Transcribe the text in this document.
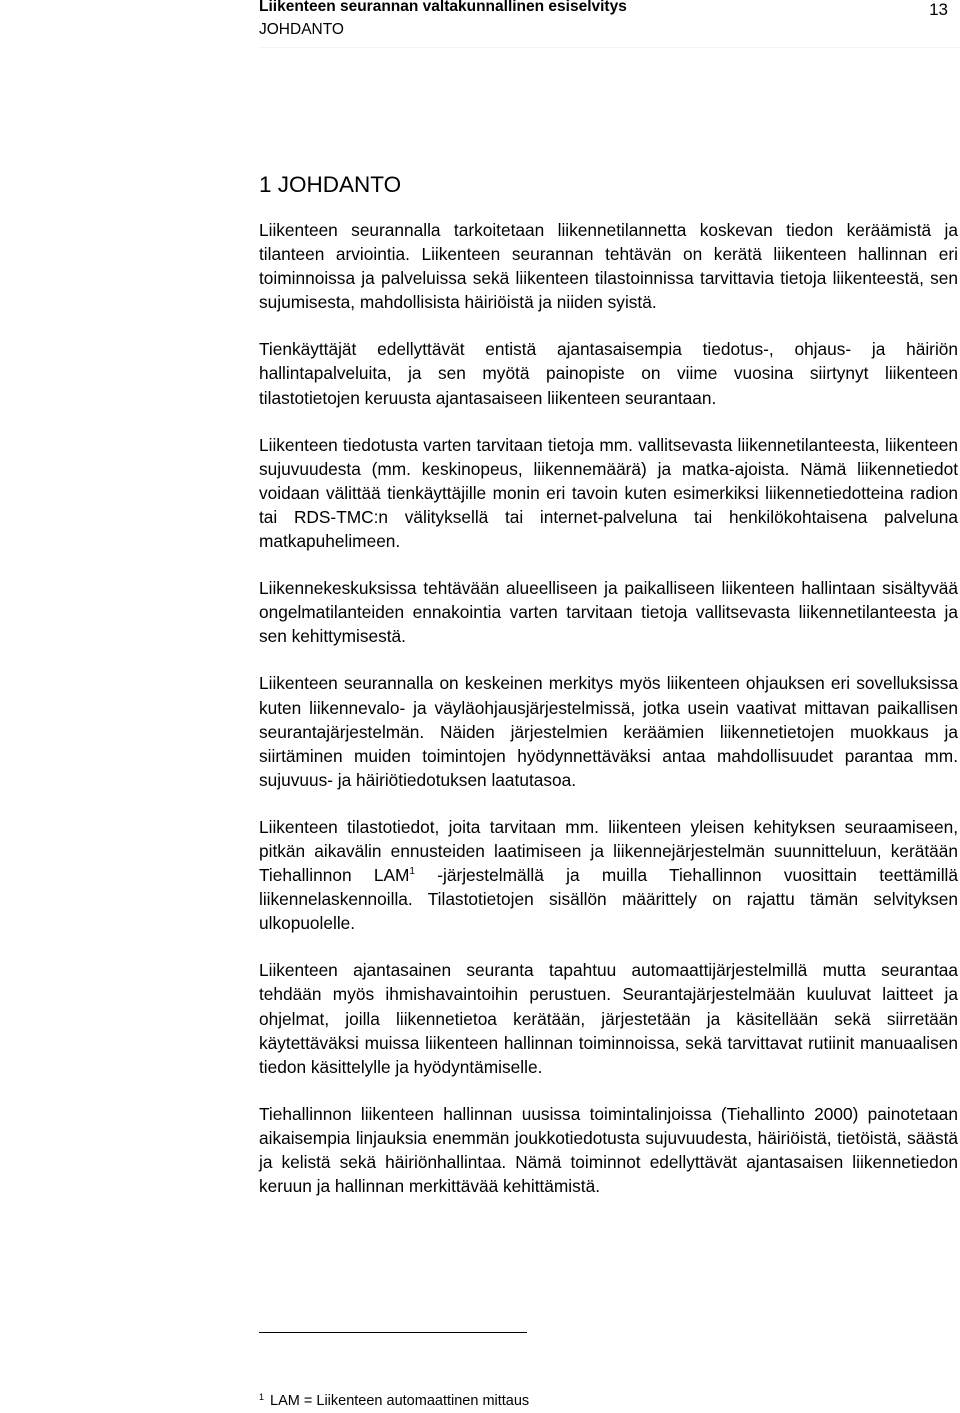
Liikenteen seurannan valtakunnallinen esiselvitys
JOHDANTO
13
1 JOHDANTO

Liikenteen seurannalla tarkoitetaan liikennetilannetta koskevan tiedon keräämistä ja tilanteen arviointia. Liikenteen seurannan tehtävän on kerätä liikenteen hallinnan eri toiminnoissa ja palveluissa sekä liikenteen tilastoinnissa tarvittavia tietoja liikenteestä, sen sujumisesta, mahdollisista häiriöistä ja niiden syistä.

Tienkäyttäjät edellyttävät entistä ajantasaisempia tiedotus-, ohjaus- ja häiriön hallintapalveluita, ja sen myötä painopiste on viime vuosina siirtynyt liikenteen tilastotietojen keruusta ajantasaiseen liikenteen seurantaan.

Liikenteen tiedotusta varten tarvitaan tietoja mm. vallitsevasta liikennetilanteesta, liikenteen sujuvuudesta (mm. keskinopeus, liikennemäärä) ja matka-ajoista. Nämä liikennetiedot voidaan välittää tienkäyttäjille monin eri tavoin kuten esimerkiksi liikennetiedotteina radion tai RDS-TMC:n välityksellä tai internet-palveluna tai henkilökohtaisena palveluna matkapuhelimeen.

Liikennekeskuksissa tehtävään alueelliseen ja paikalliseen liikenteen hallintaan sisältyvää ongelmatilanteiden ennakointia varten tarvitaan tietoja vallitsevasta liikennetilanteesta ja sen kehittymisestä.

Liikenteen seurannalla on keskeinen merkitys myös liikenteen ohjauksen eri sovelluksissa kuten liikennevalo- ja väyläohjausjärjestelmissä, jotka usein vaativat mittavan paikallisen seurantajärjestelmän. Näiden järjestelmien keräämien liikennetietojen muokkaus ja siirtäminen muiden toimintojen hyödynnettäväksi antaa mahdollisuudet parantaa mm. sujuvuus- ja häiriötiedotuksen laatutasoa.

Liikenteen tilastotiedot, joita tarvitaan mm. liikenteen yleisen kehityksen seuraamiseen, pitkän aikavälin ennusteiden laatimiseen ja liikennejärjestelmän suunnitteluun, kerätään Tiehallinnon LAM$^1$ -järjestelmällä ja muilla Tiehallinnon vuosittain teettämillä liikennelaskennoilla. Tilastotietojen sisällön määrittely on rajattu tämän selvityksen ulkopuolelle.

Liikenteen ajantasainen seuranta tapahtuu automaattijärjestelmillä mutta seurantaa tehdään myös ihmishavaintoihin perustuen. Seurantajärjestelmään kuuluvat laitteet ja ohjelmat, joilla liikennetietoa kerätään, järjestetään ja käsitellään sekä siirretään käytettäväksi muissa liikenteen hallinnan toiminnoissa, sekä tarvittavat rutiinit manuaalisen tiedon käsittelylle ja hyödyntämiselle.

Tiehallinnon liikenteen hallinnan uusissa toimintalinjoissa (Tiehallinto 2000) painotetaan aikaisempia linjauksia enemmän joukkotiedotusta sujuvuudesta, häiriöistä, tietöistä, säästä ja kelistä sekä häiriönhallintaa. Nämä toiminnot edellyttävät ajantasaisen liikennetiedon keruun ja hallinnan merkittävää kehittämistä.

$^1$ LAM = Liikenteen automaattinen mittaus
